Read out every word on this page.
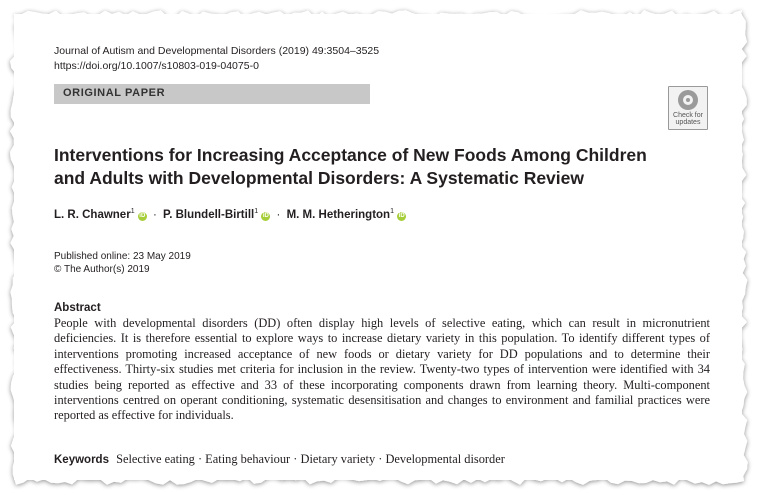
Journal of Autism and Developmental Disorders (2019) 49:3504–3525
https://doi.org/10.1007/s10803-019-04075-0
ORIGINAL PAPER
Check for
updates
Interventions for Increasing Acceptance of New Foods Among Children and Adults with Developmental Disorders: A Systematic Review
L. R. Chawner$^1$ iD · P. Blundell-Birtill$^1$ iD · M. M. Hetherington$^1$ iD
Published online: 23 May 2019
© The Author(s) 2019
Abstract
People with developmental disorders (DD) often display high levels of selective eating, which can result in micronutrient deficiencies. It is therefore essential to explore ways to increase dietary variety in this population. To identify different types of interventions promoting increased acceptance of new foods or dietary variety for DD populations and to determine their effectiveness. Thirty-six studies met criteria for inclusion in the review. Twenty-two types of intervention were identified with 34 studies being reported as effective and 33 of these incorporating components drawn from learning theory. Multi-component interventions centred on operant conditioning, systematic desensitisation and changes to environment and familial practices were reported as effective for individuals.
Keywords Selective eating · Eating behaviour · Dietary variety · Developmental disorder
